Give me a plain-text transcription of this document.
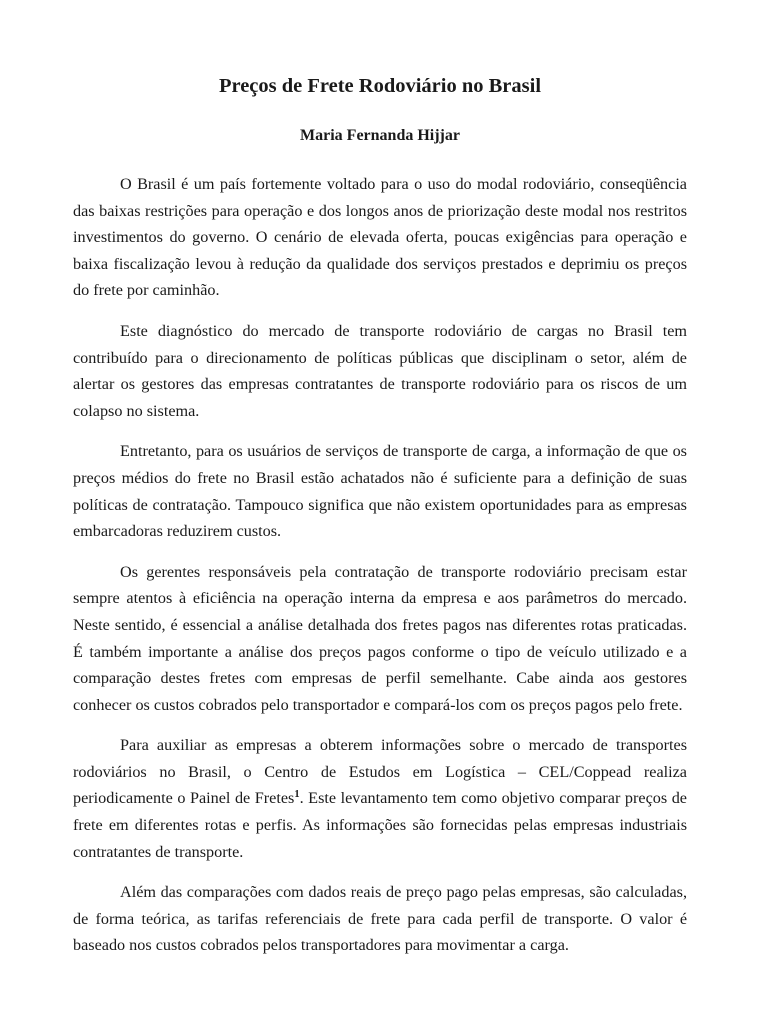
Preços de Frete Rodoviário no Brasil

Maria Fernanda Hijjar

O Brasil é um país fortemente voltado para o uso do modal rodoviário, conseqüência das baixas restrições para operação e dos longos anos de priorização deste modal nos restritos investimentos do governo. O cenário de elevada oferta, poucas exigências para operação e baixa fiscalização levou à redução da qualidade dos serviços prestados e deprimiu os preços do frete por caminhão.

Este diagnóstico do mercado de transporte rodoviário de cargas no Brasil tem contribuído para o direcionamento de políticas públicas que disciplinam o setor, além de alertar os gestores das empresas contratantes de transporte rodoviário para os riscos de um colapso no sistema.

Entretanto, para os usuários de serviços de transporte de carga, a informação de que os preços médios do frete no Brasil estão achatados não é suficiente para a definição de suas políticas de contratação. Tampouco significa que não existem oportunidades para as empresas embarcadoras reduzirem custos.

Os gerentes responsáveis pela contratação de transporte rodoviário precisam estar sempre atentos à eficiência na operação interna da empresa e aos parâmetros do mercado. Neste sentido, é essencial a análise detalhada dos fretes pagos nas diferentes rotas praticadas. É também importante a análise dos preços pagos conforme o tipo de veículo utilizado e a comparação destes fretes com empresas de perfil semelhante. Cabe ainda aos gestores conhecer os custos cobrados pelo transportador e compará-los com os preços pagos pelo frete.

Para auxiliar as empresas a obterem informações sobre o mercado de transportes rodoviários no Brasil, o Centro de Estudos em Logística – CEL/Coppead realiza periodicamente o Painel de Fretes$^1$. Este levantamento tem como objetivo comparar preços de frete em diferentes rotas e perfis. As informações são fornecidas pelas empresas industriais contratantes de transporte.

Além das comparações com dados reais de preço pago pelas empresas, são calculadas, de forma teórica, as tarifas referenciais de frete para cada perfil de transporte. O valor é baseado nos custos cobrados pelos transportadores para movimentar a carga.
